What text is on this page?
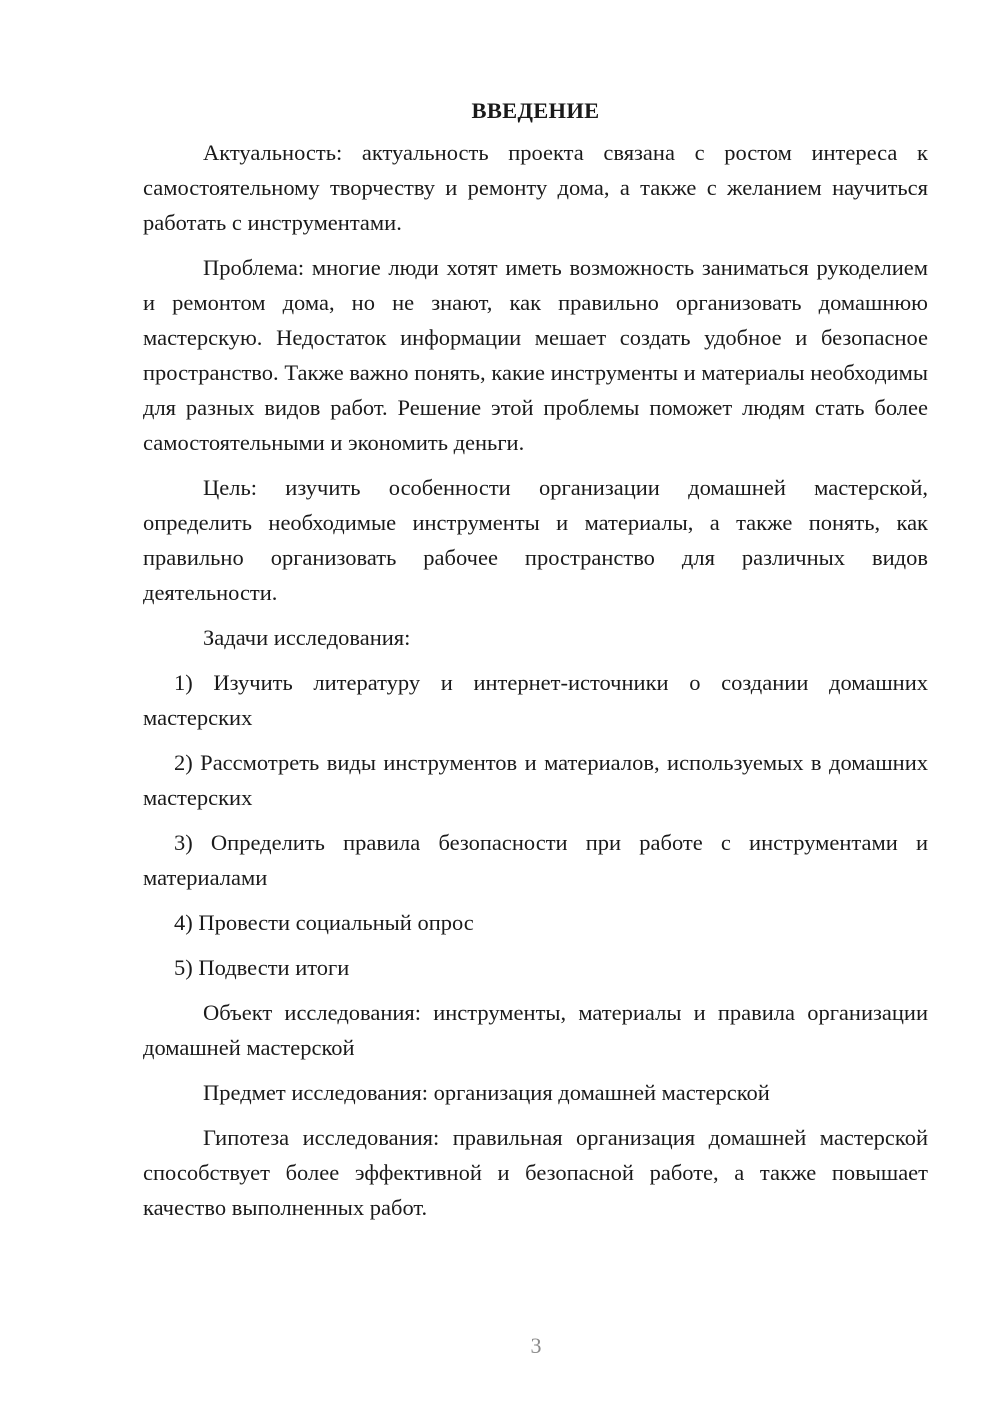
ВВЕДЕНИЕ

Актуальность: актуальность проекта связана с ростом интереса к самостоятельному творчеству и ремонту дома, а также с желанием научиться работать с инструментами.

Проблема: многие люди хотят иметь возможность заниматься рукоделием и ремонтом дома, но не знают, как правильно организовать домашнюю мастерскую. Недостаток информации мешает создать удобное и безопасное пространство. Также важно понять, какие инструменты и материалы необходимы для разных видов работ. Решение этой проблемы поможет людям стать более самостоятельными и экономить деньги.

Цель: изучить особенности организации домашней мастерской, определить необходимые инструменты и материалы, а также понять, как правильно организовать рабочее пространство для различных видов деятельности.

Задачи исследования:

1) Изучить литературу и интернет-источники о создании домашних мастерских

2) Рассмотреть виды инструментов и материалов, используемых в домашних мастерских

3) Определить правила безопасности при работе с инструментами и материалами

4) Провести социальный опрос

5) Подвести итоги

Объект исследования: инструменты, материалы и правила организации домашней мастерской

Предмет исследования: организация домашней мастерской

Гипотеза исследования: правильная организация домашней мастерской способствует более эффективной и безопасной работе, а также повышает качество выполненных работ.

3
